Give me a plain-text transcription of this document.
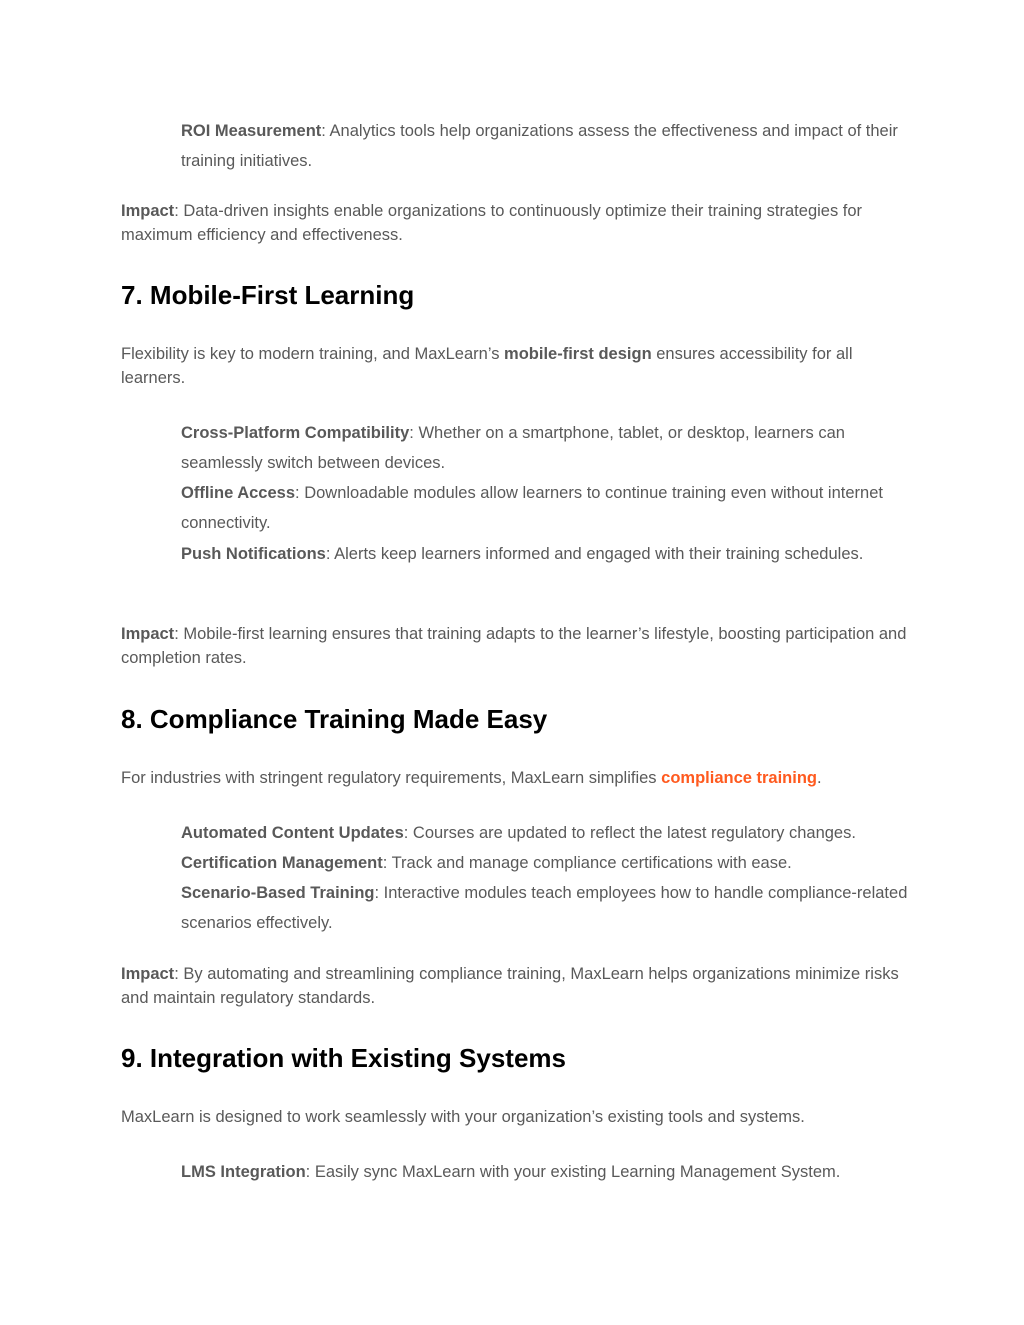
ROI Measurement: Analytics tools help organizations assess the effectiveness and impact of their training initiatives.
Impact: Data-driven insights enable organizations to continuously optimize their training strategies for maximum efficiency and effectiveness.
7. Mobile-First Learning
Flexibility is key to modern training, and MaxLearn’s mobile-first design ensures accessibility for all learners.
Cross-Platform Compatibility: Whether on a smartphone, tablet, or desktop, learners can seamlessly switch between devices.
Offline Access: Downloadable modules allow learners to continue training even without internet connectivity.
Push Notifications: Alerts keep learners informed and engaged with their training schedules.
Impact: Mobile-first learning ensures that training adapts to the learner’s lifestyle, boosting participation and completion rates.
8. Compliance Training Made Easy
For industries with stringent regulatory requirements, MaxLearn simplifies compliance training.
Automated Content Updates: Courses are updated to reflect the latest regulatory changes.
Certification Management: Track and manage compliance certifications with ease.
Scenario-Based Training: Interactive modules teach employees how to handle compliance-related scenarios effectively.
Impact: By automating and streamlining compliance training, MaxLearn helps organizations minimize risks and maintain regulatory standards.
9. Integration with Existing Systems
MaxLearn is designed to work seamlessly with your organization’s existing tools and systems.
LMS Integration: Easily sync MaxLearn with your existing Learning Management System.
